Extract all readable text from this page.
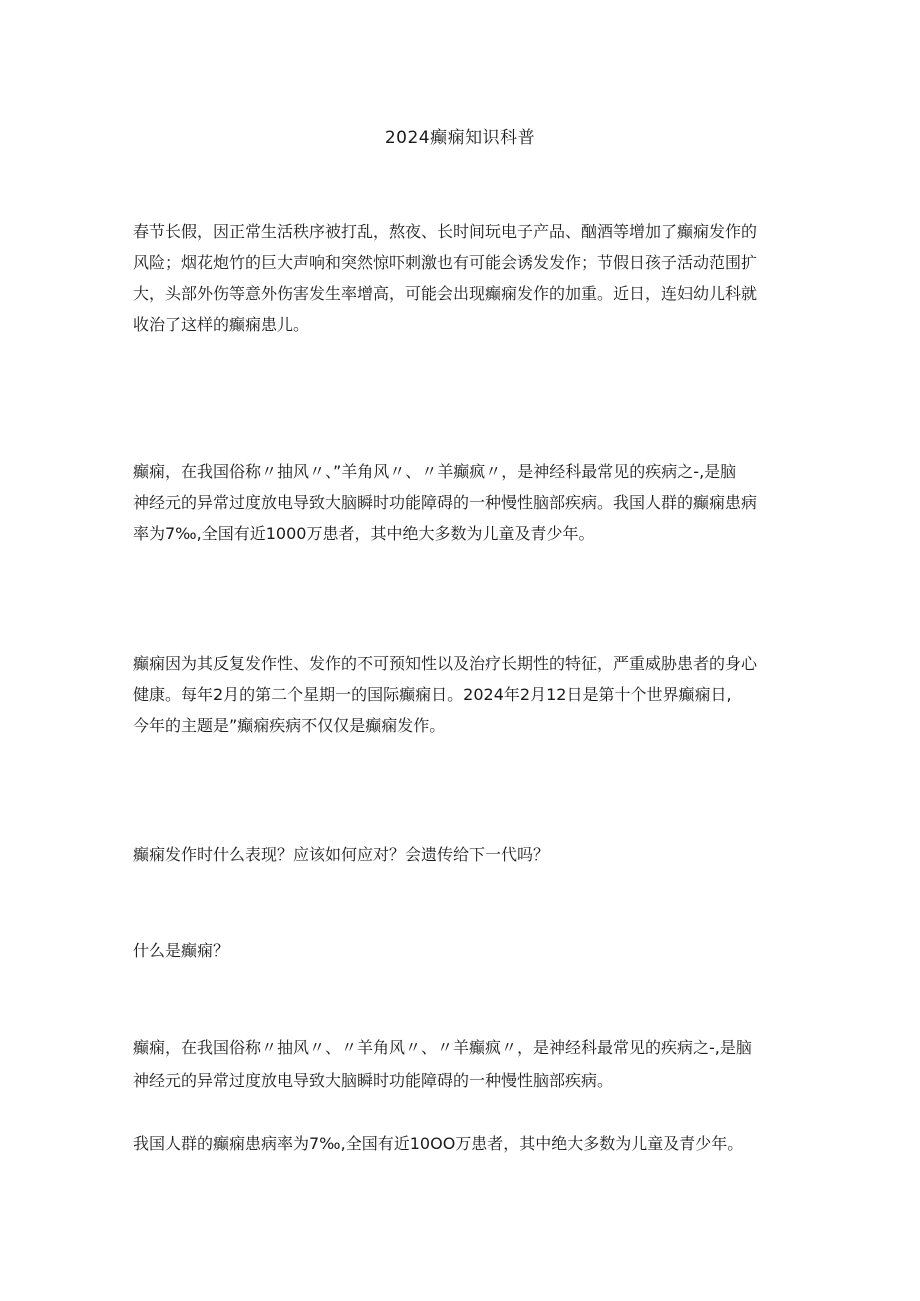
2024癫痫知识科普

春节长假，因正常生活秩序被打乱，熬夜、长时间玩电子产品、酗酒等增加了癫痫发作的
风险；烟花炮竹的巨大声响和突然惊吓刺激也有可能会诱发发作；节假日孩子活动范围扩
大，头部外伤等意外伤害发生率增高，可能会出现癫痫发作的加重。近日，连妇幼儿科就
收治了这样的癫痫患儿。

癫痫，在我国俗称〃抽风〃、”羊角风〃、〃羊癫疯〃，是神经科最常见的疾病之-,是脑
神经元的异常过度放电导致大脑瞬时功能障碍的一种慢性脑部疾病。我国人群的癫痫患病
率为7‰,全国有近1000万患者，其中绝大多数为儿童及青少年。

癫痫因为其反复发作性、发作的不可预知性以及治疗长期性的特征，严重威胁患者的身心
健康。每年2月的第二个星期一的国际癫痫日。2024年2月12日是第十个世界癫痫日,
今年的主题是”癫痫疾病不仅仅是癫痫发作。

癫痫发作时什么表现？应该如何应对？会遗传给下一代吗？

什么是癫痫？

癫痫，在我国俗称〃抽风〃、〃羊角风〃、〃羊癫疯〃，是神经科最常见的疾病之-,是脑
神经元的异常过度放电导致大脑瞬时功能障碍的一种慢性脑部疾病。

我国人群的癫痫患病率为7‰,全国有近10OO万患者，其中绝大多数为儿童及青少年。
